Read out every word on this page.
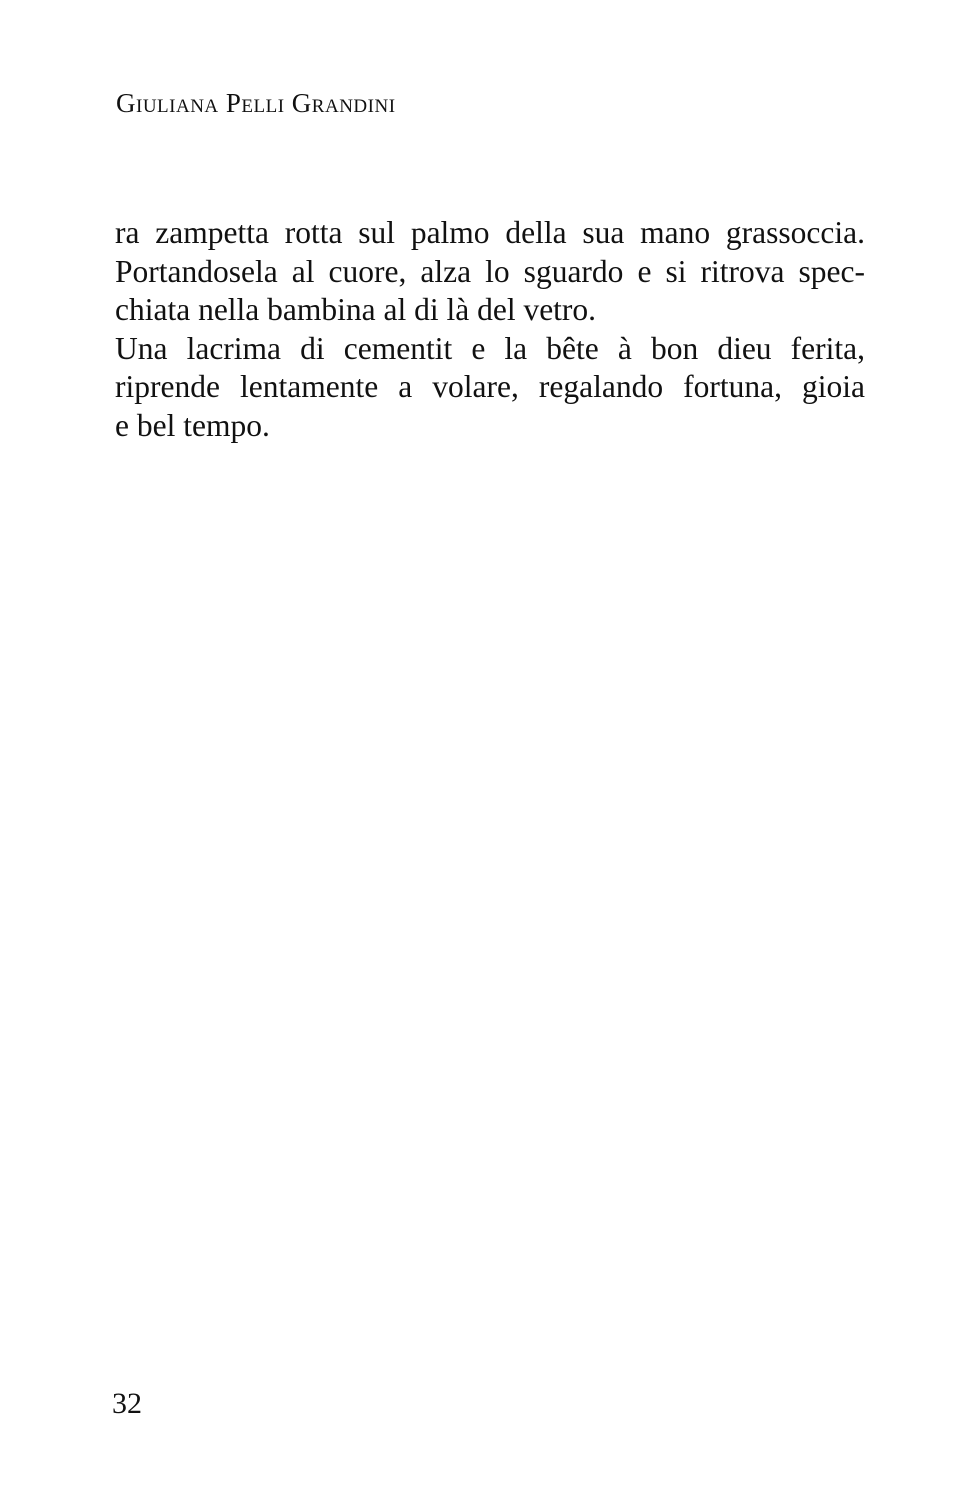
Giuliana Pelli Grandini
ra zampetta rotta sul palmo della sua mano grassoccia.
Portandosela al cuore, alza lo sguardo e si ritrova spec-
chiata nella bambina al di là del vetro.
Una lacrima di cementit e la bête à bon dieu ferita,
riprende lentamente a volare, regalando fortuna, gioia
e bel tempo.
32
